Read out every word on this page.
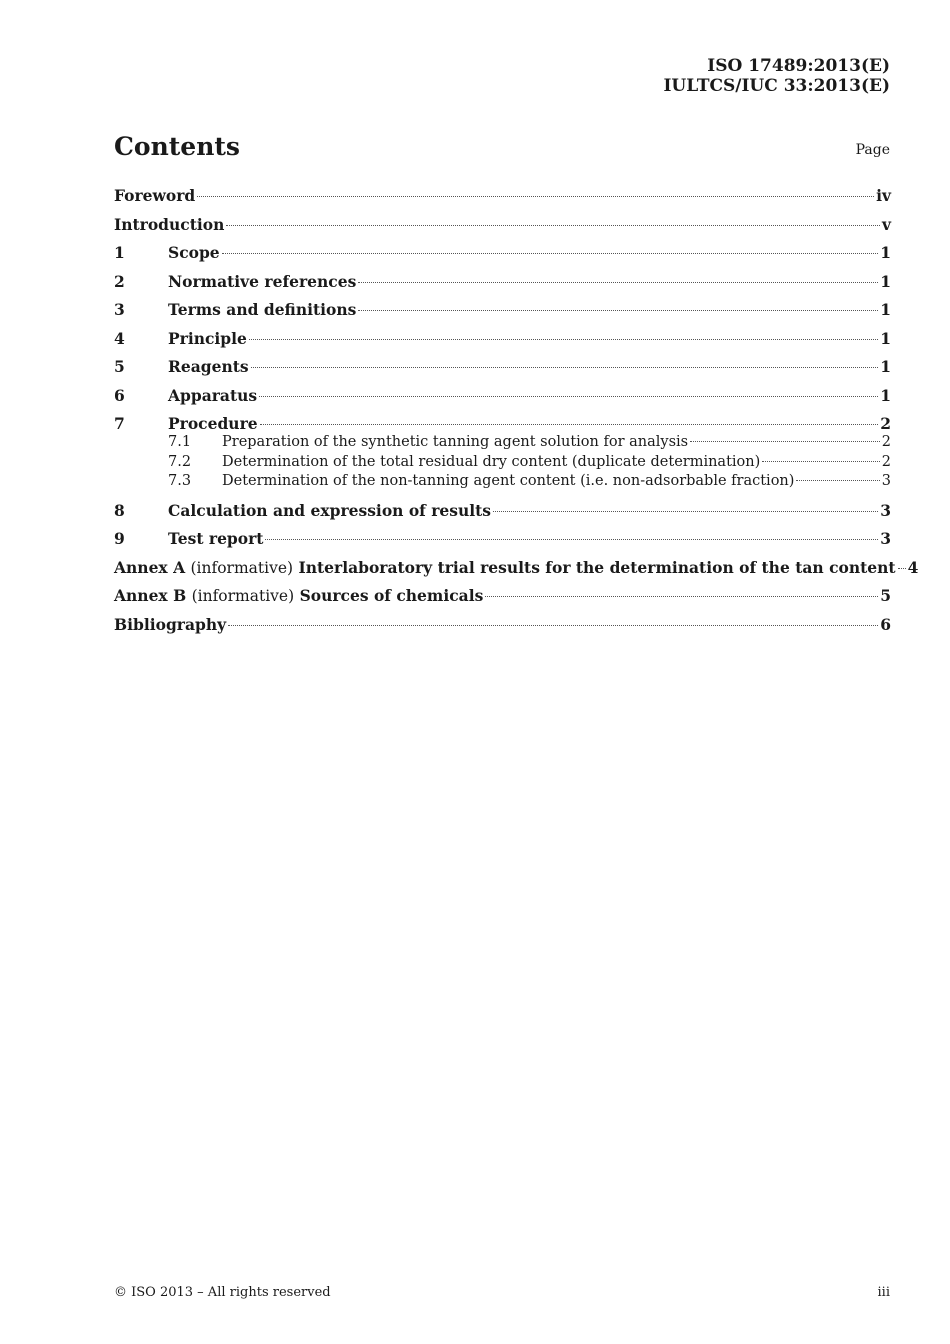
ISO 17489:2013(E)
IULTCS/IUC 33:2013(E)
Contents	Page
Foreword	iv
Introduction	v
1	Scope	1
2	Normative references	1
3	Terms and definitions	1
4	Principle	1
5	Reagents	1
6	Apparatus	1
7	Procedure	2
7.1	Preparation of the synthetic tanning agent solution for analysis	2
7.2	Determination of the total residual dry content (duplicate determination)	2
7.3	Determination of the non-tanning agent content (i.e. non-adsorbable fraction)	3
8	Calculation and expression of results	3
9	Test report	3
Annex A (informative) Interlaboratory trial results for the determination of the tan content 4
Annex B (informative) Sources of chemicals	5
Bibliography	6
© ISO 2013 – All rights reserved	iii
